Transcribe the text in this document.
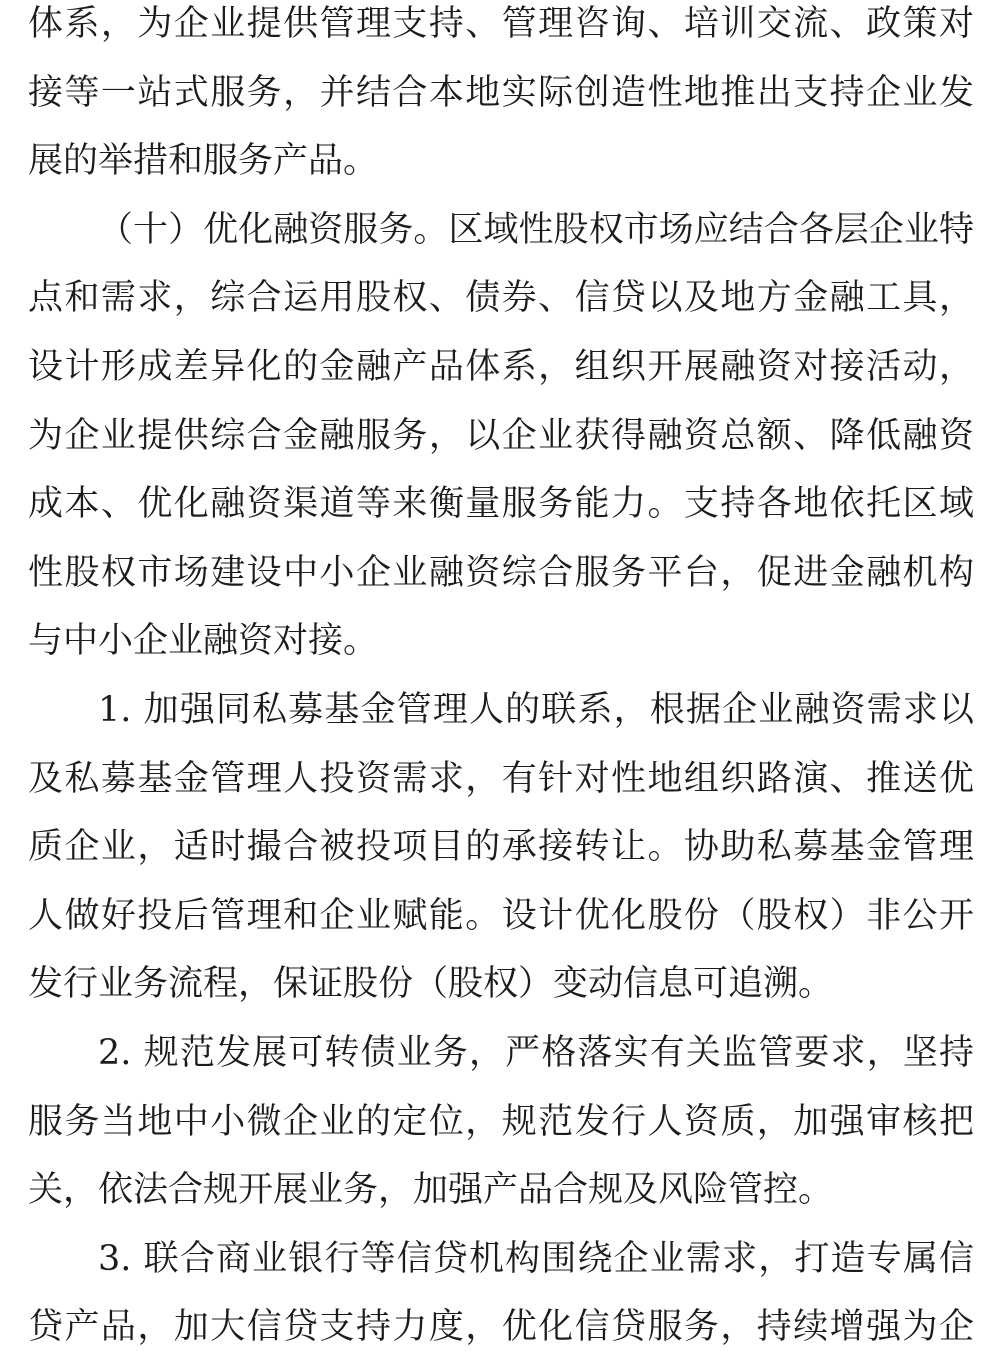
体系，为企业提供管理支持、管理咨询、培训交流、政策对
接等一站式服务，并结合本地实际创造性地推出支持企业发
展的举措和服务产品。
（十）优化融资服务。区域性股权市场应结合各层企业特
点和需求，综合运用股权、债券、信贷以及地方金融工具，
设计形成差异化的金融产品体系，组织开展融资对接活动，
为企业提供综合金融服务，以企业获得融资总额、降低融资
成本、优化融资渠道等来衡量服务能力。支持各地依托区域
性股权市场建设中小企业融资综合服务平台，促进金融机构
与中小企业融资对接。
1. 加强同私募基金管理人的联系，根据企业融资需求以
及私募基金管理人投资需求，有针对性地组织路演、推送优
质企业，适时撮合被投项目的承接转让。协助私募基金管理
人做好投后管理和企业赋能。设计优化股份（股权）非公开
发行业务流程，保证股份（股权）变动信息可追溯。
2. 规范发展可转债业务，严格落实有关监管要求，坚持
服务当地中小微企业的定位，规范发行人资质，加强审核把
关，依法合规开展业务，加强产品合规及风险管控。
3. 联合商业银行等信贷机构围绕企业需求，打造专属信
贷产品，加大信贷支持力度，优化信贷服务，持续增强为企
